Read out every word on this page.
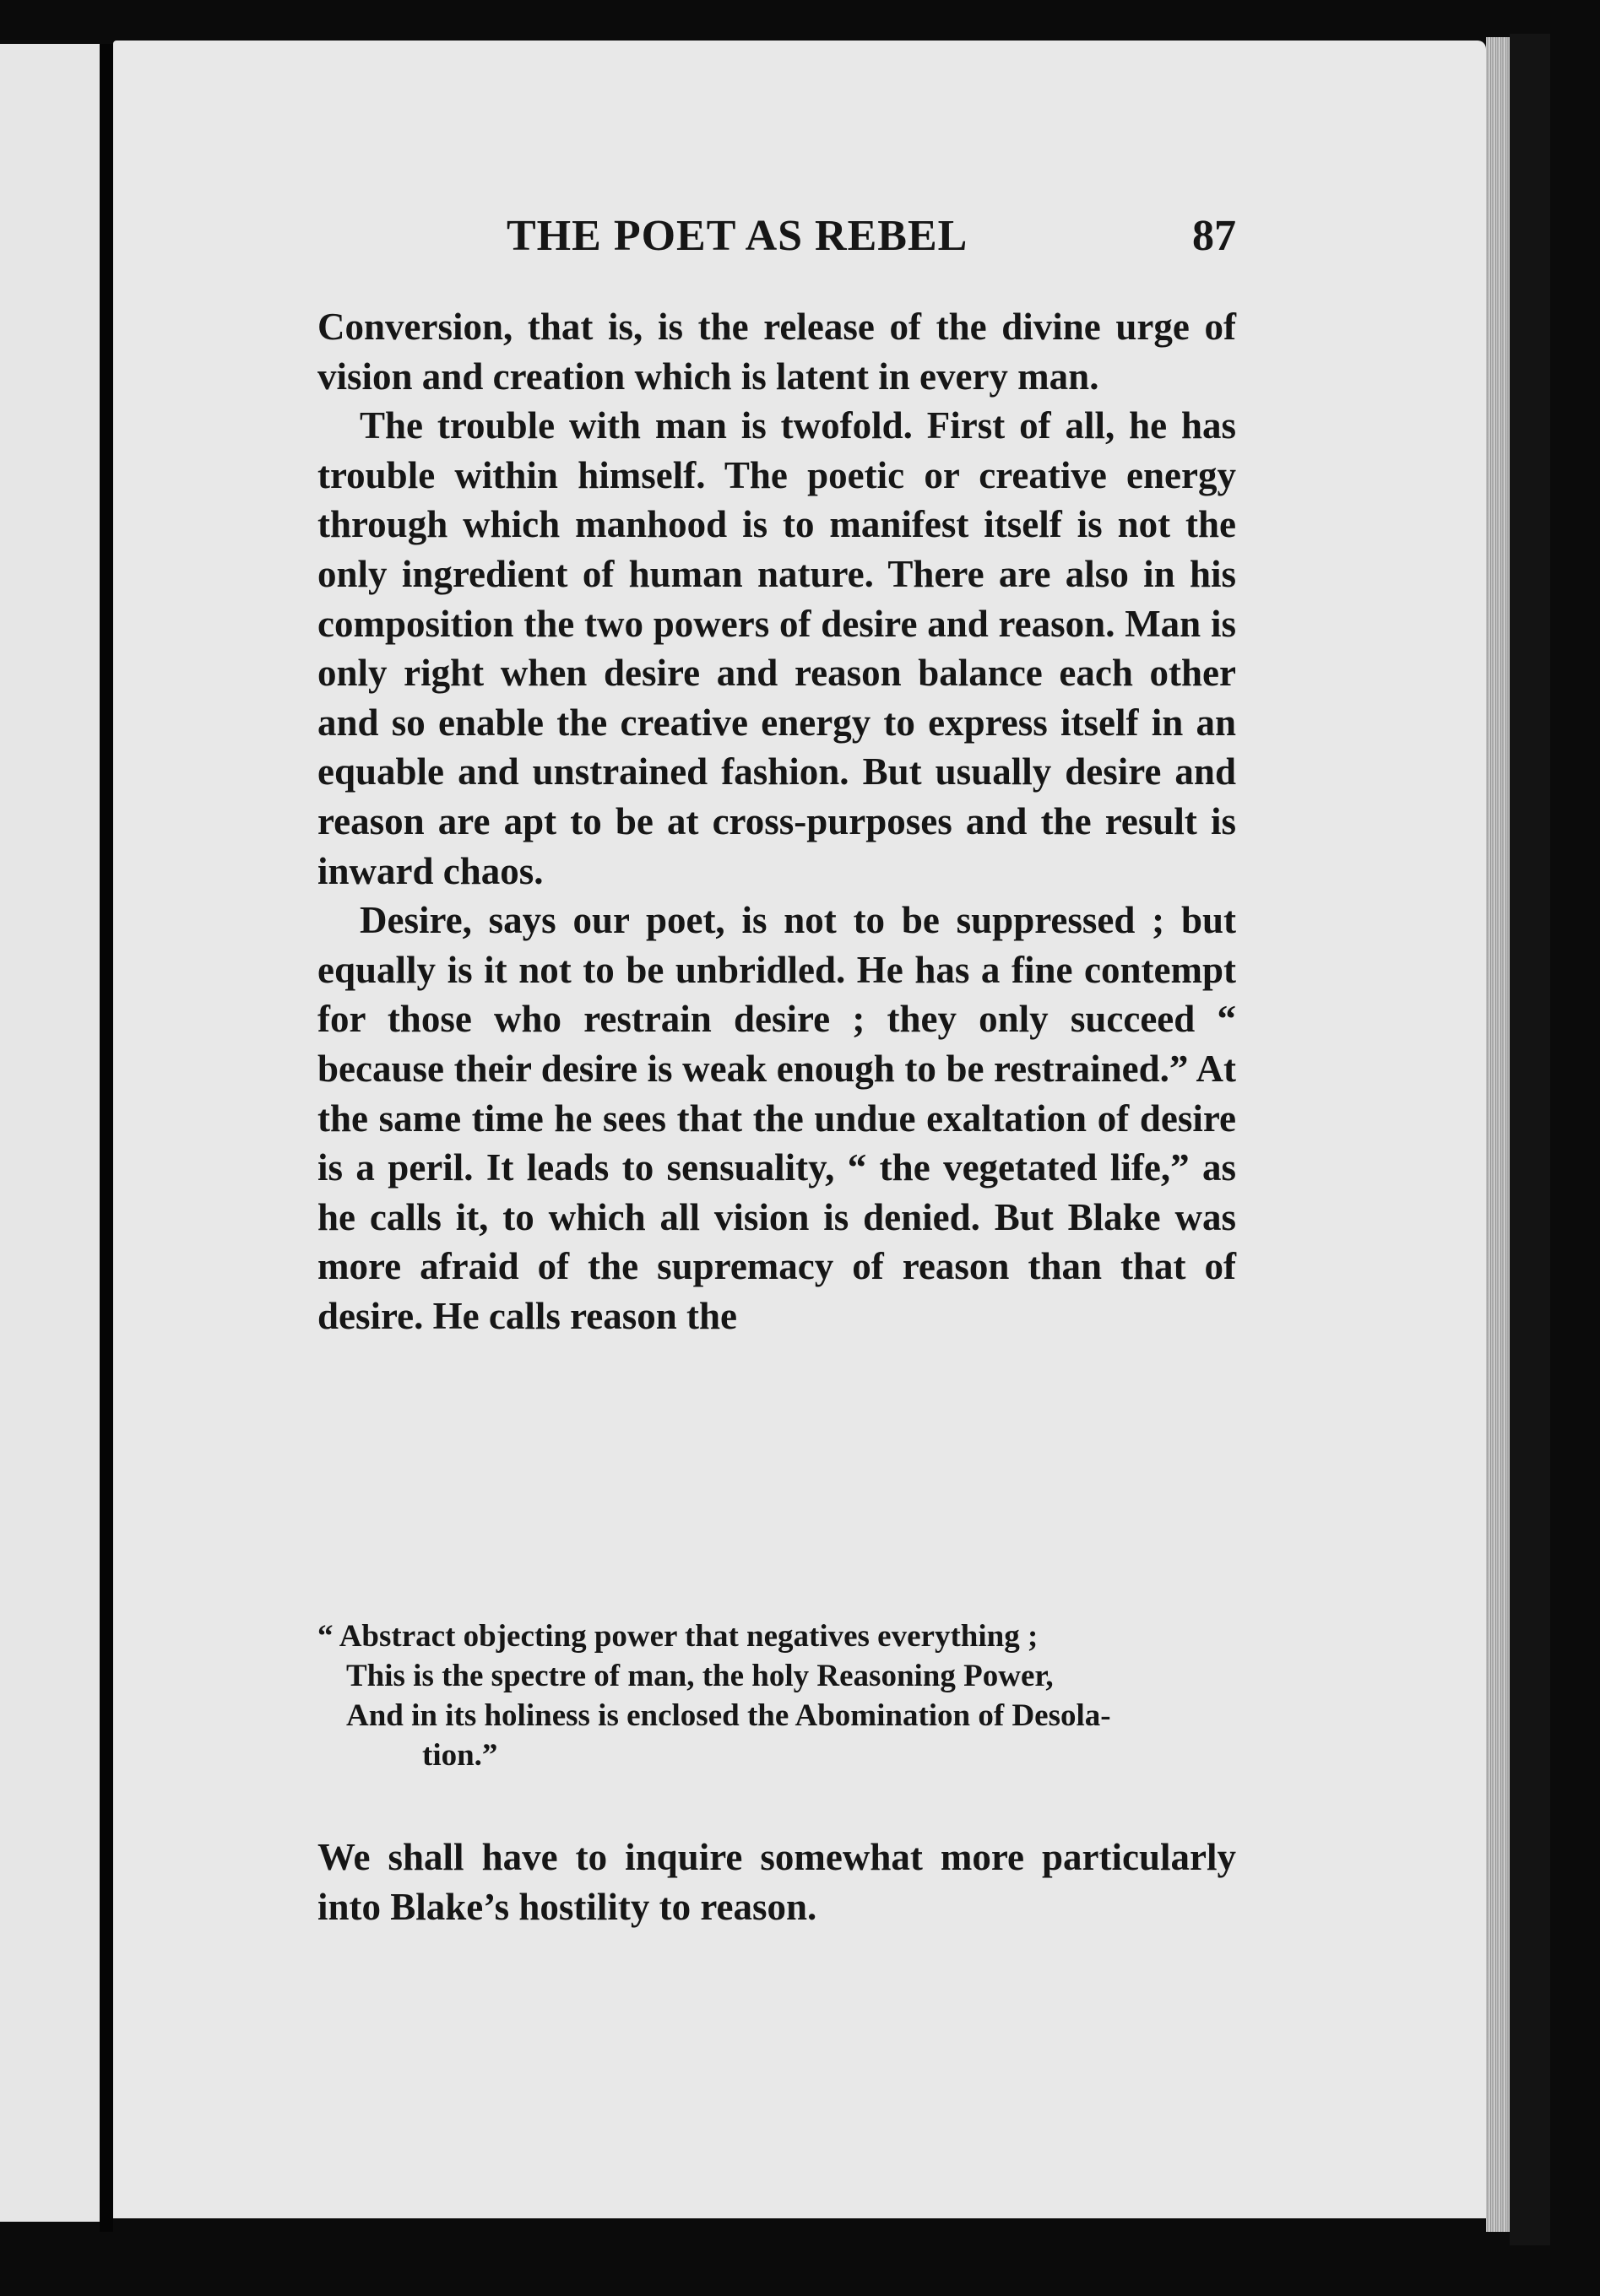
THE POET AS REBEL	87

Conversion, that is, is the release of the divine urge of vision and creation which is latent in every man.

The trouble with man is twofold. First of all, he has trouble within himself. The poetic or creative energy through which manhood is to manifest itself is not the only ingredient of human nature. There are also in his composition the two powers of desire and reason. Man is only right when desire and reason balance each other and so enable the creative energy to express itself in an equable and unstrained fashion. But usually desire and reason are apt to be at cross-purposes and the result is inward chaos.

Desire, says our poet, is not to be suppressed ; but equally is it not to be unbridled. He has a fine contempt for those who restrain desire ; they only succeed “ because their desire is weak enough to be restrained.” At the same time he sees that the undue exaltation of desire is a peril. It leads to sensuality, “ the vegetated life,” as he calls it, to which all vision is denied. But Blake was more afraid of the supremacy of reason than that of desire. He calls reason the

“ Abstract objecting power that negatives everything ;
This is the spectre of man, the holy Reasoning Power,
And in its holiness is enclosed the Abomination of Desola-
tion.”

We shall have to inquire somewhat more particularly into Blake’s hostility to reason.
